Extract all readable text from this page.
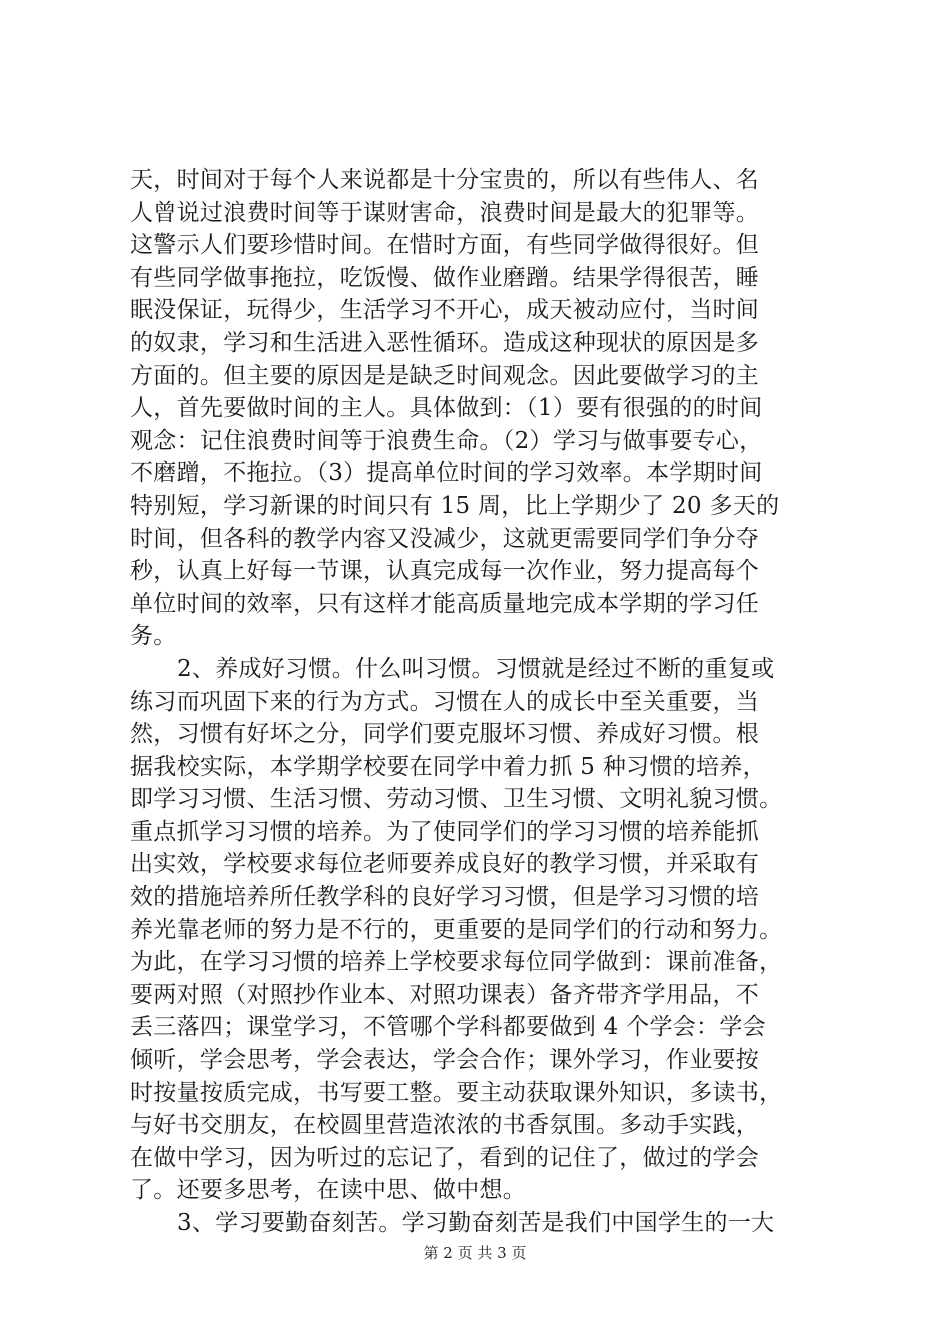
天，时间对于每个人来说都是十分宝贵的，所以有些伟人、名
人曾说过浪费时间等于谋财害命，浪费时间是最大的犯罪等。
这警示人们要珍惜时间。在惜时方面，有些同学做得很好。但
有些同学做事拖拉，吃饭慢、做作业磨蹭。结果学得很苦，睡
眠没保证，玩得少，生活学习不开心，成天被动应付，当时间
的奴隶，学习和生活进入恶性循环。造成这种现状的原因是多
方面的。但主要的原因是是缺乏时间观念。因此要做学习的主
人，首先要做时间的主人。具体做到：（1）要有很强的的时间
观念：记住浪费时间等于浪费生命。（2）学习与做事要专心，
不磨蹭，不拖拉。（3）提高单位时间的学习效率。本学期时间
特别短，学习新课的时间只有 15 周，比上学期少了 20 多天的
时间，但各科的教学内容又没减少，这就更需要同学们争分夺
秒，认真上好每一节课，认真完成每一次作业，努力提高每个
单位时间的效率，只有这样才能高质量地完成本学期的学习任
务。
2、养成好习惯。什么叫习惯。习惯就是经过不断的重复或
练习而巩固下来的行为方式。习惯在人的成长中至关重要，当
然，习惯有好坏之分，同学们要克服坏习惯、养成好习惯。根
据我校实际，本学期学校要在同学中着力抓 5 种习惯的培养，
即学习习惯、生活习惯、劳动习惯、卫生习惯、文明礼貌习惯。
重点抓学习习惯的培养。为了使同学们的学习习惯的培养能抓
出实效，学校要求每位老师要养成良好的教学习惯，并采取有
效的措施培养所任教学科的良好学习习惯，但是学习习惯的培
养光靠老师的努力是不行的，更重要的是同学们的行动和努力。
为此，在学习习惯的培养上学校要求每位同学做到：课前准备，
要两对照（对照抄作业本、对照功课表）备齐带齐学用品，不
丢三落四；课堂学习，不管哪个学科都要做到 4 个学会：学会
倾听，学会思考，学会表达，学会合作；课外学习，作业要按
时按量按质完成，书写要工整。要主动获取课外知识，多读书，
与好书交朋友，在校圆里营造浓浓的书香氛围。多动手实践，
在做中学习，因为听过的忘记了，看到的记住了，做过的学会
了。还要多思考，在读中思、做中想。
3、学习要勤奋刻苦。学习勤奋刻苦是我们中国学生的一大
第 2 页 共 3 页
